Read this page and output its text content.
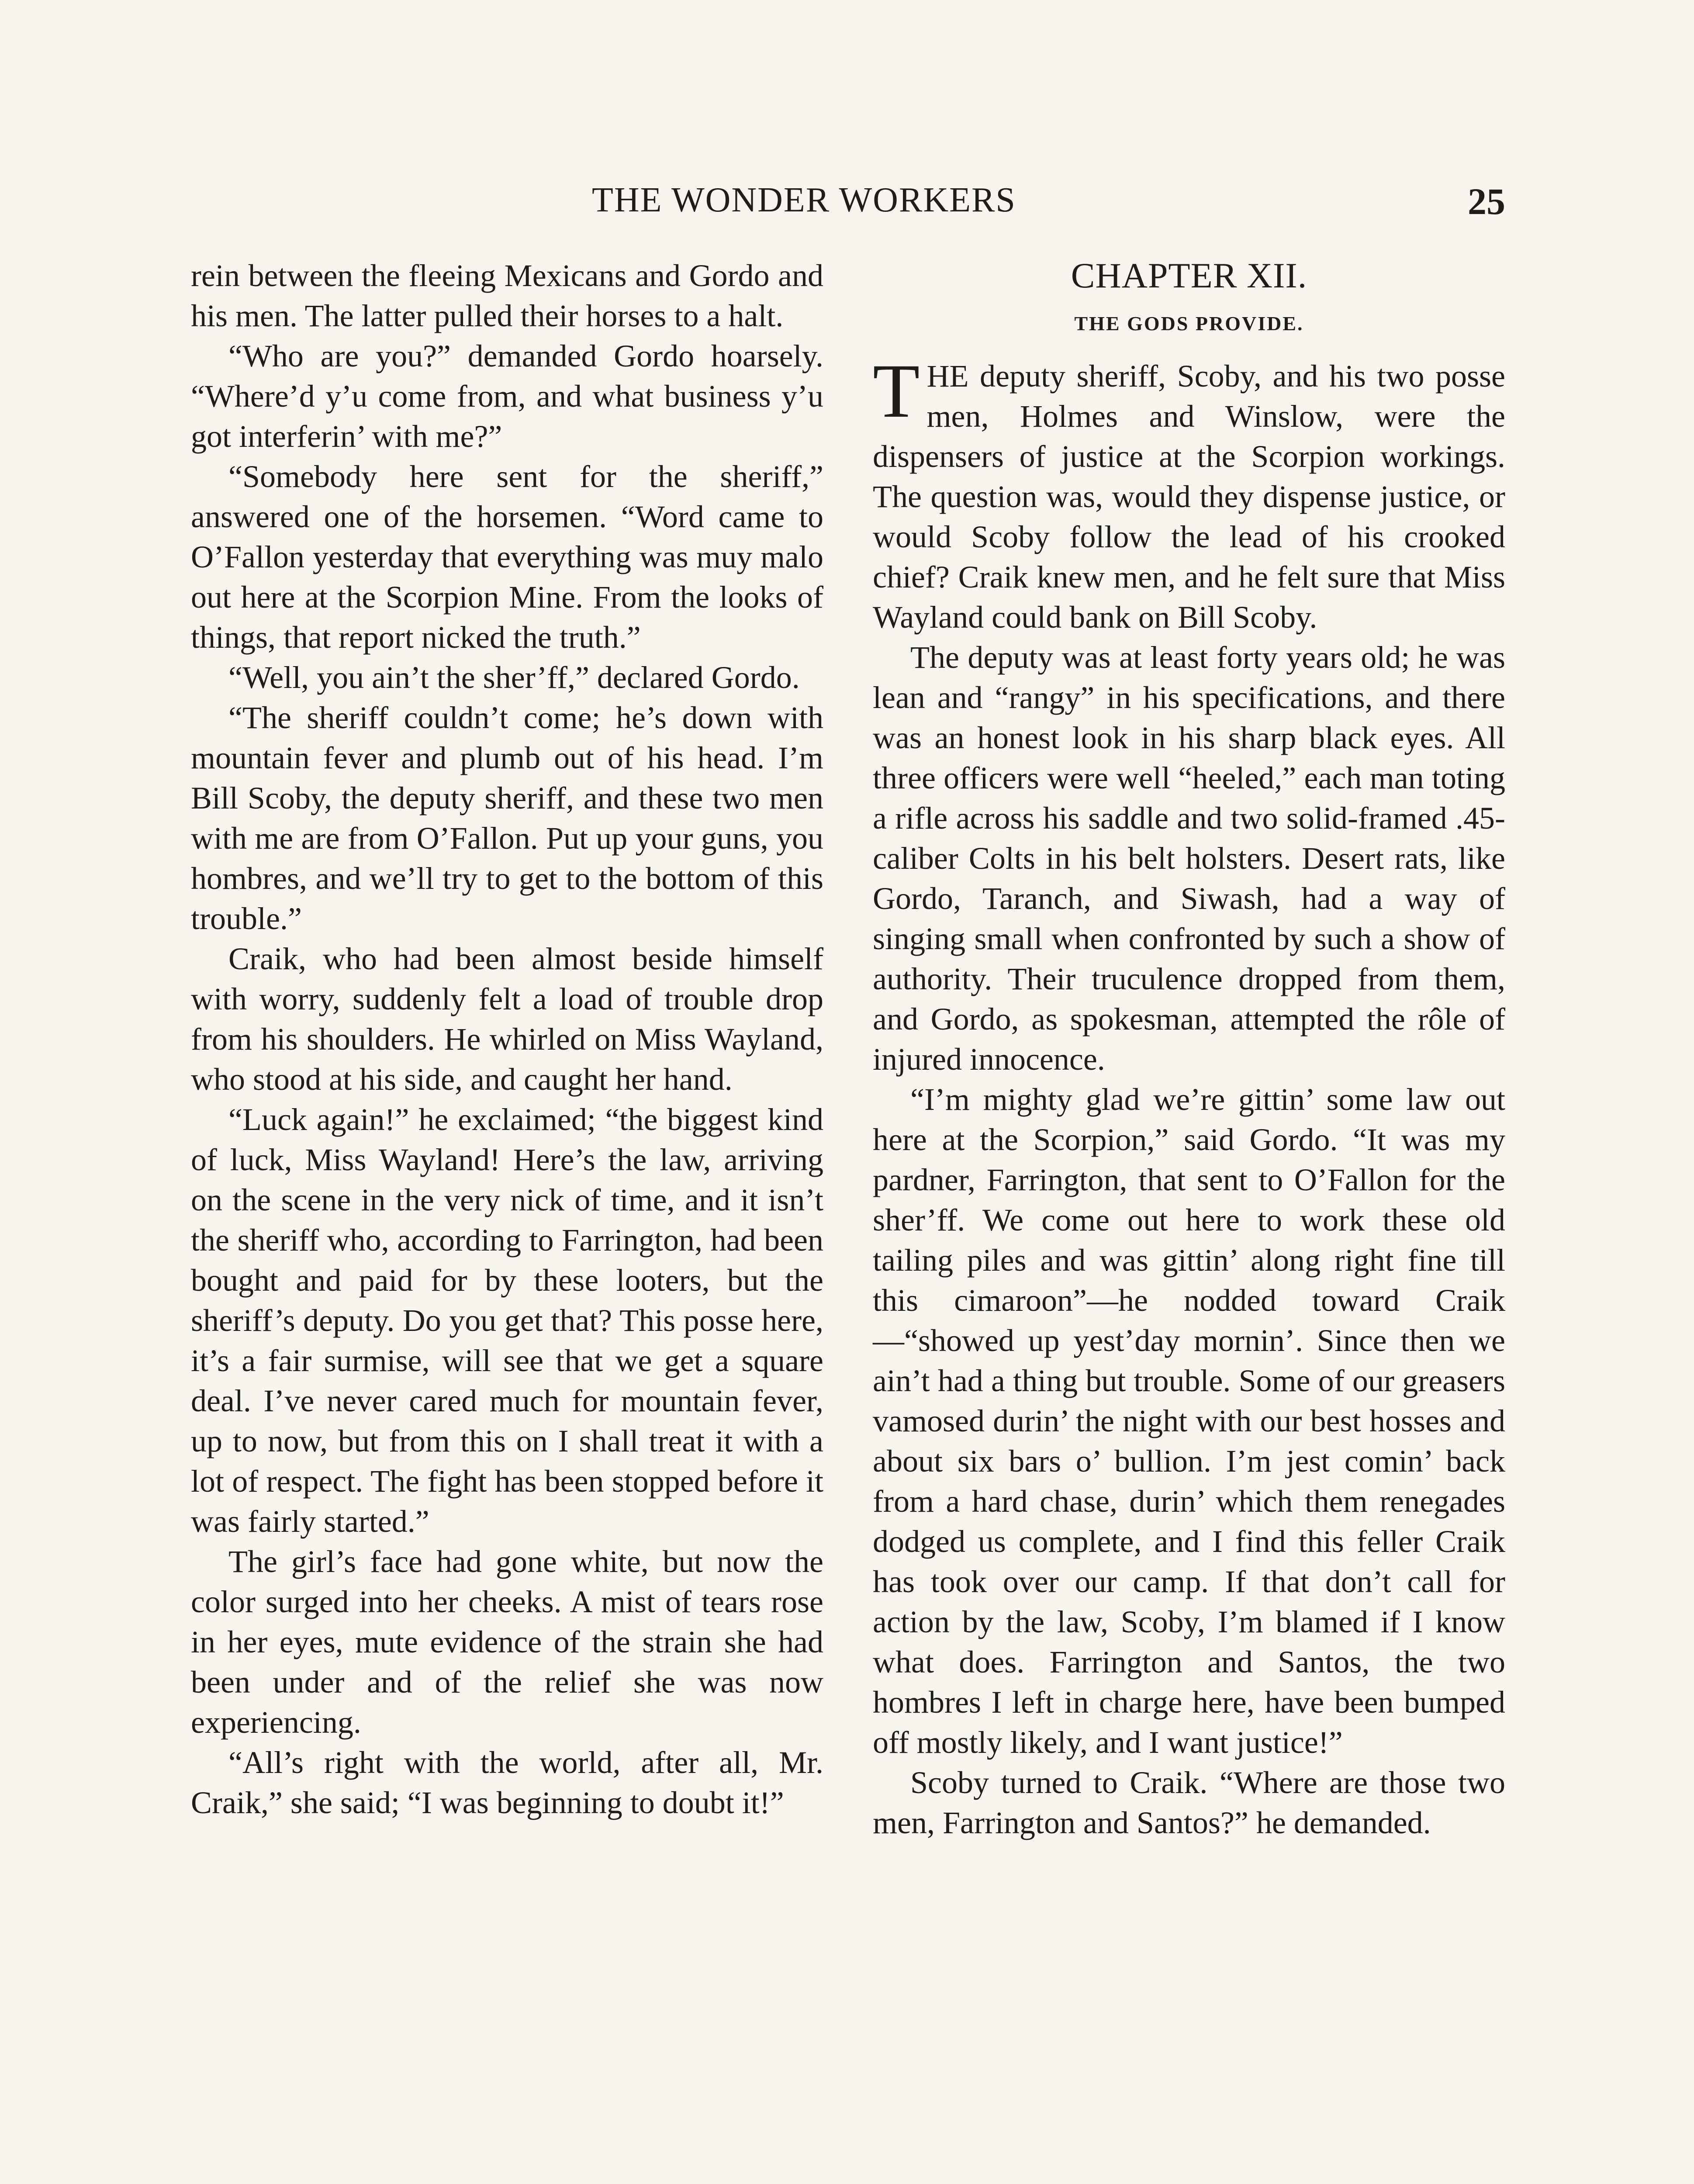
THE WONDER WORKERS	25

rein between the fleeing Mexicans and Gordo and his men. The latter pulled their horses to a halt.

“Who are you?” demanded Gordo hoarsely. “Where’d y’u come from, and what business y’u got interferin’ with me?”

“Somebody here sent for the sheriff,” answered one of the horsemen. “Word came to O’Fallon yesterday that everything was muy malo out here at the Scorpion Mine. From the looks of things, that report nicked the truth.”

“Well, you ain’t the sher’ff,” declared Gordo.

“The sheriff couldn’t come; he’s down with mountain fever and plumb out of his head. I’m Bill Scoby, the deputy sheriff, and these two men with me are from O’Fallon. Put up your guns, you hombres, and we’ll try to get to the bottom of this trouble.”

Craik, who had been almost beside himself with worry, suddenly felt a load of trouble drop from his shoulders. He whirled on Miss Wayland, who stood at his side, and caught her hand.

“Luck again!” he exclaimed; “the biggest kind of luck, Miss Wayland! Here’s the law, arriving on the scene in the very nick of time, and it isn’t the sheriff who, according to Farrington, had been bought and paid for by these looters, but the sheriff’s deputy. Do you get that? This posse here, it’s a fair surmise, will see that we get a square deal. I’ve never cared much for mountain fever, up to now, but from this on I shall treat it with a lot of respect. The fight has been stopped before it was fairly started.”

The girl’s face had gone white, but now the color surged into her cheeks. A mist of tears rose in her eyes, mute evidence of the strain she had been under and of the relief she was now experiencing.

“All’s right with the world, after all, Mr. Craik,” she said; “I was beginning to doubt it!”

CHAPTER XII.
THE GODS PROVIDE.

THE deputy sheriff, Scoby, and his two posse men, Holmes and Winslow, were the dispensers of justice at the Scorpion workings. The question was, would they dispense justice, or would Scoby follow the lead of his crooked chief? Craik knew men, and he felt sure that Miss Wayland could bank on Bill Scoby.

The deputy was at least forty years old; he was lean and “rangy” in his specifications, and there was an honest look in his sharp black eyes. All three officers were well “heeled,” each man toting a rifle across his saddle and two solid-framed .45-caliber Colts in his belt holsters. Desert rats, like Gordo, Taranch, and Siwash, had a way of singing small when confronted by such a show of authority. Their truculence dropped from them, and Gordo, as spokesman, attempted the rôle of injured innocence.

“I’m mighty glad we’re gittin’ some law out here at the Scorpion,” said Gordo. “It was my pardner, Farrington, that sent to O’Fallon for the sher’ff. We come out here to work these old tailing piles and was gittin’ along right fine till this cimaroon”—he nodded toward Craik—“showed up yest’day mornin’. Since then we ain’t had a thing but trouble. Some of our greasers vamosed durin’ the night with our best hosses and about six bars o’ bullion. I’m jest comin’ back from a hard chase, durin’ which them renegades dodged us complete, and I find this feller Craik has took over our camp. If that don’t call for action by the law, Scoby, I’m blamed if I know what does. Farrington and Santos, the two hombres I left in charge here, have been bumped off mostly likely, and I want justice!”

Scoby turned to Craik. “Where are those two men, Farrington and Santos?” he demanded.
